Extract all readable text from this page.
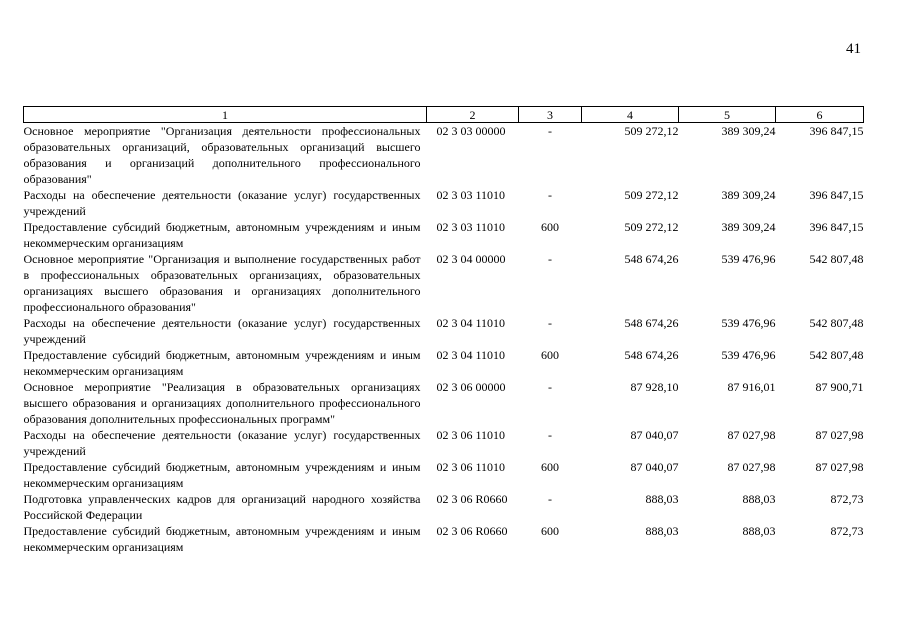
41
1	2	3	4	5	6
Основное мероприятие "Организация деятельности профессиональных образовательных организаций, образовательных организаций высшего образования и организаций дополнительного профессионального образования"	02 3 03 00000	-	509 272,12	389 309,24	396 847,15
Расходы на обеспечение деятельности (оказание услуг) государственных учреждений	02 3 03 11010	-	509 272,12	389 309,24	396 847,15
Предоставление субсидий бюджетным, автономным учреждениям и иным некоммерческим организациям	02 3 03 11010	600	509 272,12	389 309,24	396 847,15
Основное мероприятие "Организация и выполнение государственных работ в профессиональных образовательных организациях, образовательных организациях высшего образования и организациях дополнительного профессионального образования"	02 3 04 00000	-	548 674,26	539 476,96	542 807,48
Расходы на обеспечение деятельности (оказание услуг) государственных учреждений	02 3 04 11010	-	548 674,26	539 476,96	542 807,48
Предоставление субсидий бюджетным, автономным учреждениям и иным некоммерческим организациям	02 3 04 11010	600	548 674,26	539 476,96	542 807,48
Основное мероприятие "Реализация в образовательных организациях высшего образования и организациях дополнительного профессионального образования дополнительных профессиональных программ"	02 3 06 00000	-	87 928,10	87 916,01	87 900,71
Расходы на обеспечение деятельности (оказание услуг) государственных учреждений	02 3 06 11010	-	87 040,07	87 027,98	87 027,98
Предоставление субсидий бюджетным, автономным учреждениям и иным некоммерческим организациям	02 3 06 11010	600	87 040,07	87 027,98	87 027,98
Подготовка управленческих кадров для организаций народного хозяйства Российской Федерации	02 3 06 R0660	-	888,03	888,03	872,73
Предоставление субсидий бюджетным, автономным учреждениям и иным некоммерческим организациям	02 3 06 R0660	600	888,03	888,03	872,73
